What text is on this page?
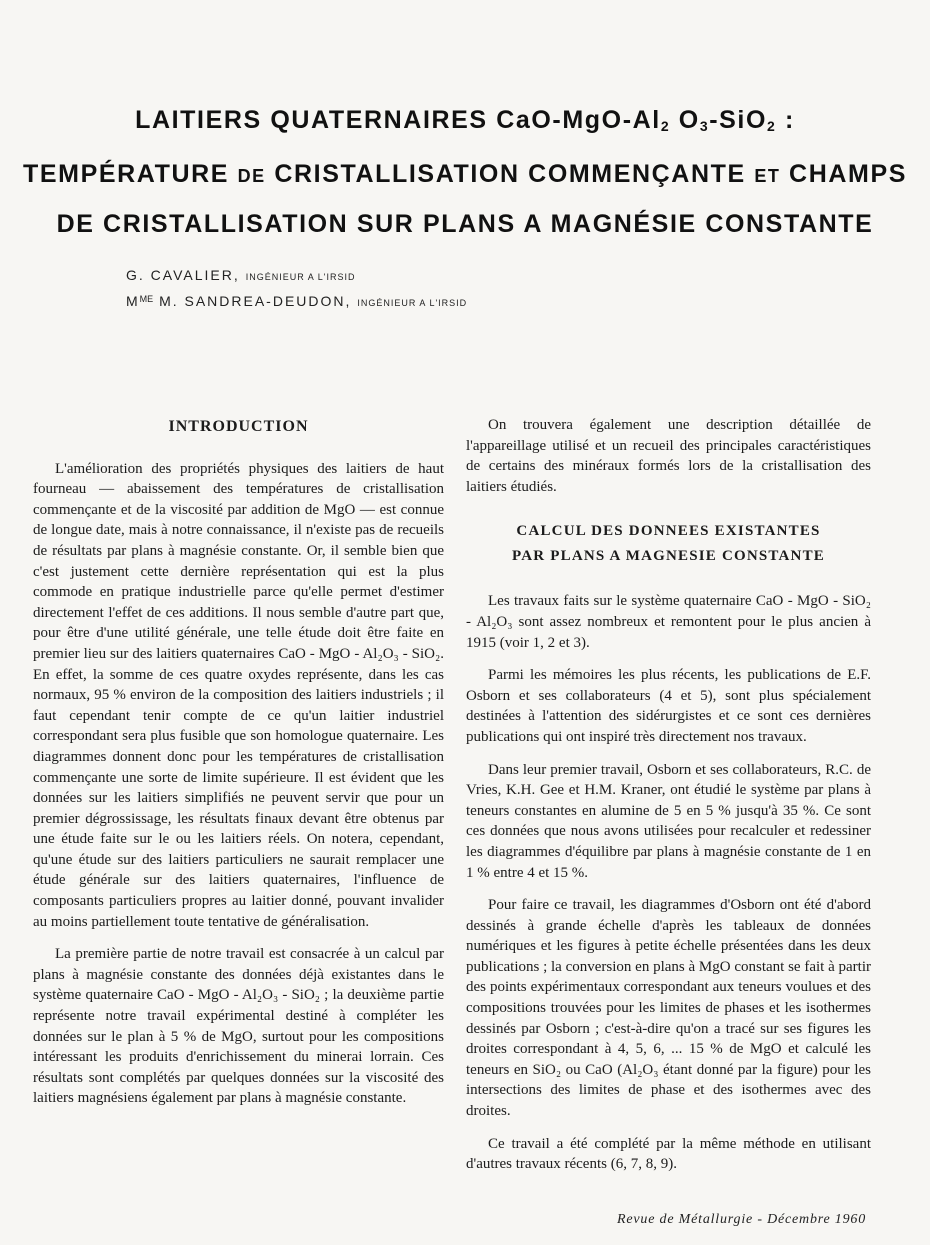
LAITIERS QUATERNAIRES CaO-$MgO-Al_2$ $O_3-SiO_2$ :
TEMPÉRATURE DE CRISTALLISATION COMMENÇANTE ET CHAMPS
DE CRISTALLISATION SUR PLANS A MAGNÉSIE CONSTANTE
G. CAVALIER, INGÉNIEUR A L'IRSID
$M^{ME}$ M. SANDREA-DEUDON, INGÉNIEUR A L'IRSID
INTRODUCTION

L'amélioration des propriétés physiques des laitiers de haut fourneau — abaissement des températures de cristallisation commençante et de la viscosité par addition de MgO — est connue de longue date, mais à notre connaissance, il n'existe pas de recueils de résultats par plans à magnésie constante. Or, il semble bien que c'est justement cette dernière représentation qui est la plus commode en pratique industrielle parce qu'elle permet d'estimer directement l'effet de ces additions. Il nous semble d'autre part que, pour être d'une utilité générale, une telle étude doit être faite en premier lieu sur des laitiers quaternaires CaO - MgO - Al₂O₃ - SiO₂. En effet, la somme de ces quatre oxydes représente, dans les cas normaux, 95 % environ de la composition des laitiers industriels ; il faut cependant tenir compte de ce qu'un laitier industriel correspondant sera plus fusible que son homologue quaternaire. Les diagrammes donnent donc pour les températures de cristallisation commençante une sorte de limite supérieure. Il est évident que les données sur les laitiers simplifiés ne peuvent servir que pour un premier dégrossissage, les résultats finaux devant être obtenus par une étude faite sur le ou les laitiers réels. On notera, cependant, qu'une étude sur des laitiers particuliers ne saurait remplacer une étude générale sur des laitiers quaternaires, l'influence de composants particuliers propres au laitier donné, pouvant invalider au moins partiellement toute tentative de généralisation.

La première partie de notre travail est consacrée à un calcul par plans à magnésie constante des données déjà existantes dans le système quaternaire CaO - MgO - Al₂O₃ - SiO₂ ; la deuxième partie représente notre travail expérimental destiné à compléter les données sur le plan à 5 % de MgO, surtout pour les compositions intéressant les produits d'enrichissement du minerai lorrain. Ces résultats sont complétés par quelques données sur la viscosité des laitiers magnésiens également par plans à magnésie constante.

On trouvera également une description détaillée de l'appareillage utilisé et un recueil des principales caractéristiques de certains des minéraux formés lors de la cristallisation des laitiers étudiés.

CALCUL DES DONNEES EXISTANTES
PAR PLANS A MAGNESIE CONSTANTE

Les travaux faits sur le système quaternaire CaO - MgO - SiO₂ - Al₂O₃ sont assez nombreux et remontent pour le plus ancien à 1915 (voir 1, 2 et 3).

Parmi les mémoires les plus récents, les publications de E.F. Osborn et ses collaborateurs (4 et 5), sont plus spécialement destinées à l'attention des sidérurgistes et ce sont ces dernières publications qui ont inspiré très directement nos travaux.

Dans leur premier travail, Osborn et ses collaborateurs, R.C. de Vries, K.H. Gee et H.M. Kraner, ont étudié le système par plans à teneurs constantes en alumine de 5 en 5 % jusqu'à 35 %. Ce sont ces données que nous avons utilisées pour recalculer et redessiner les diagrammes d'équilibre par plans à magnésie constante de 1 en 1 % entre 4 et 15 %.

Pour faire ce travail, les diagrammes d'Osborn ont été d'abord dessinés à grande échelle d'après les tableaux de données numériques et les figures à petite échelle présentées dans les deux publications ; la conversion en plans à MgO constant se fait à partir des points expérimentaux correspondant aux teneurs voulues et des compositions trouvées pour les limites de phases et les isothermes dessinés par Osborn ; c'est-à-dire qu'on a tracé sur ses figures les droites correspondant à 4, 5, 6, ... 15 % de MgO et calculé les teneurs en SiO₂ ou CaO (Al₂O₃ étant donné par la figure) pour les intersections des limites de phase et des isothermes avec des droites.

Ce travail a été complété par la même méthode en utilisant d'autres travaux récents (6, 7, 8, 9).

Revue de Métallurgie - Décembre 1960
